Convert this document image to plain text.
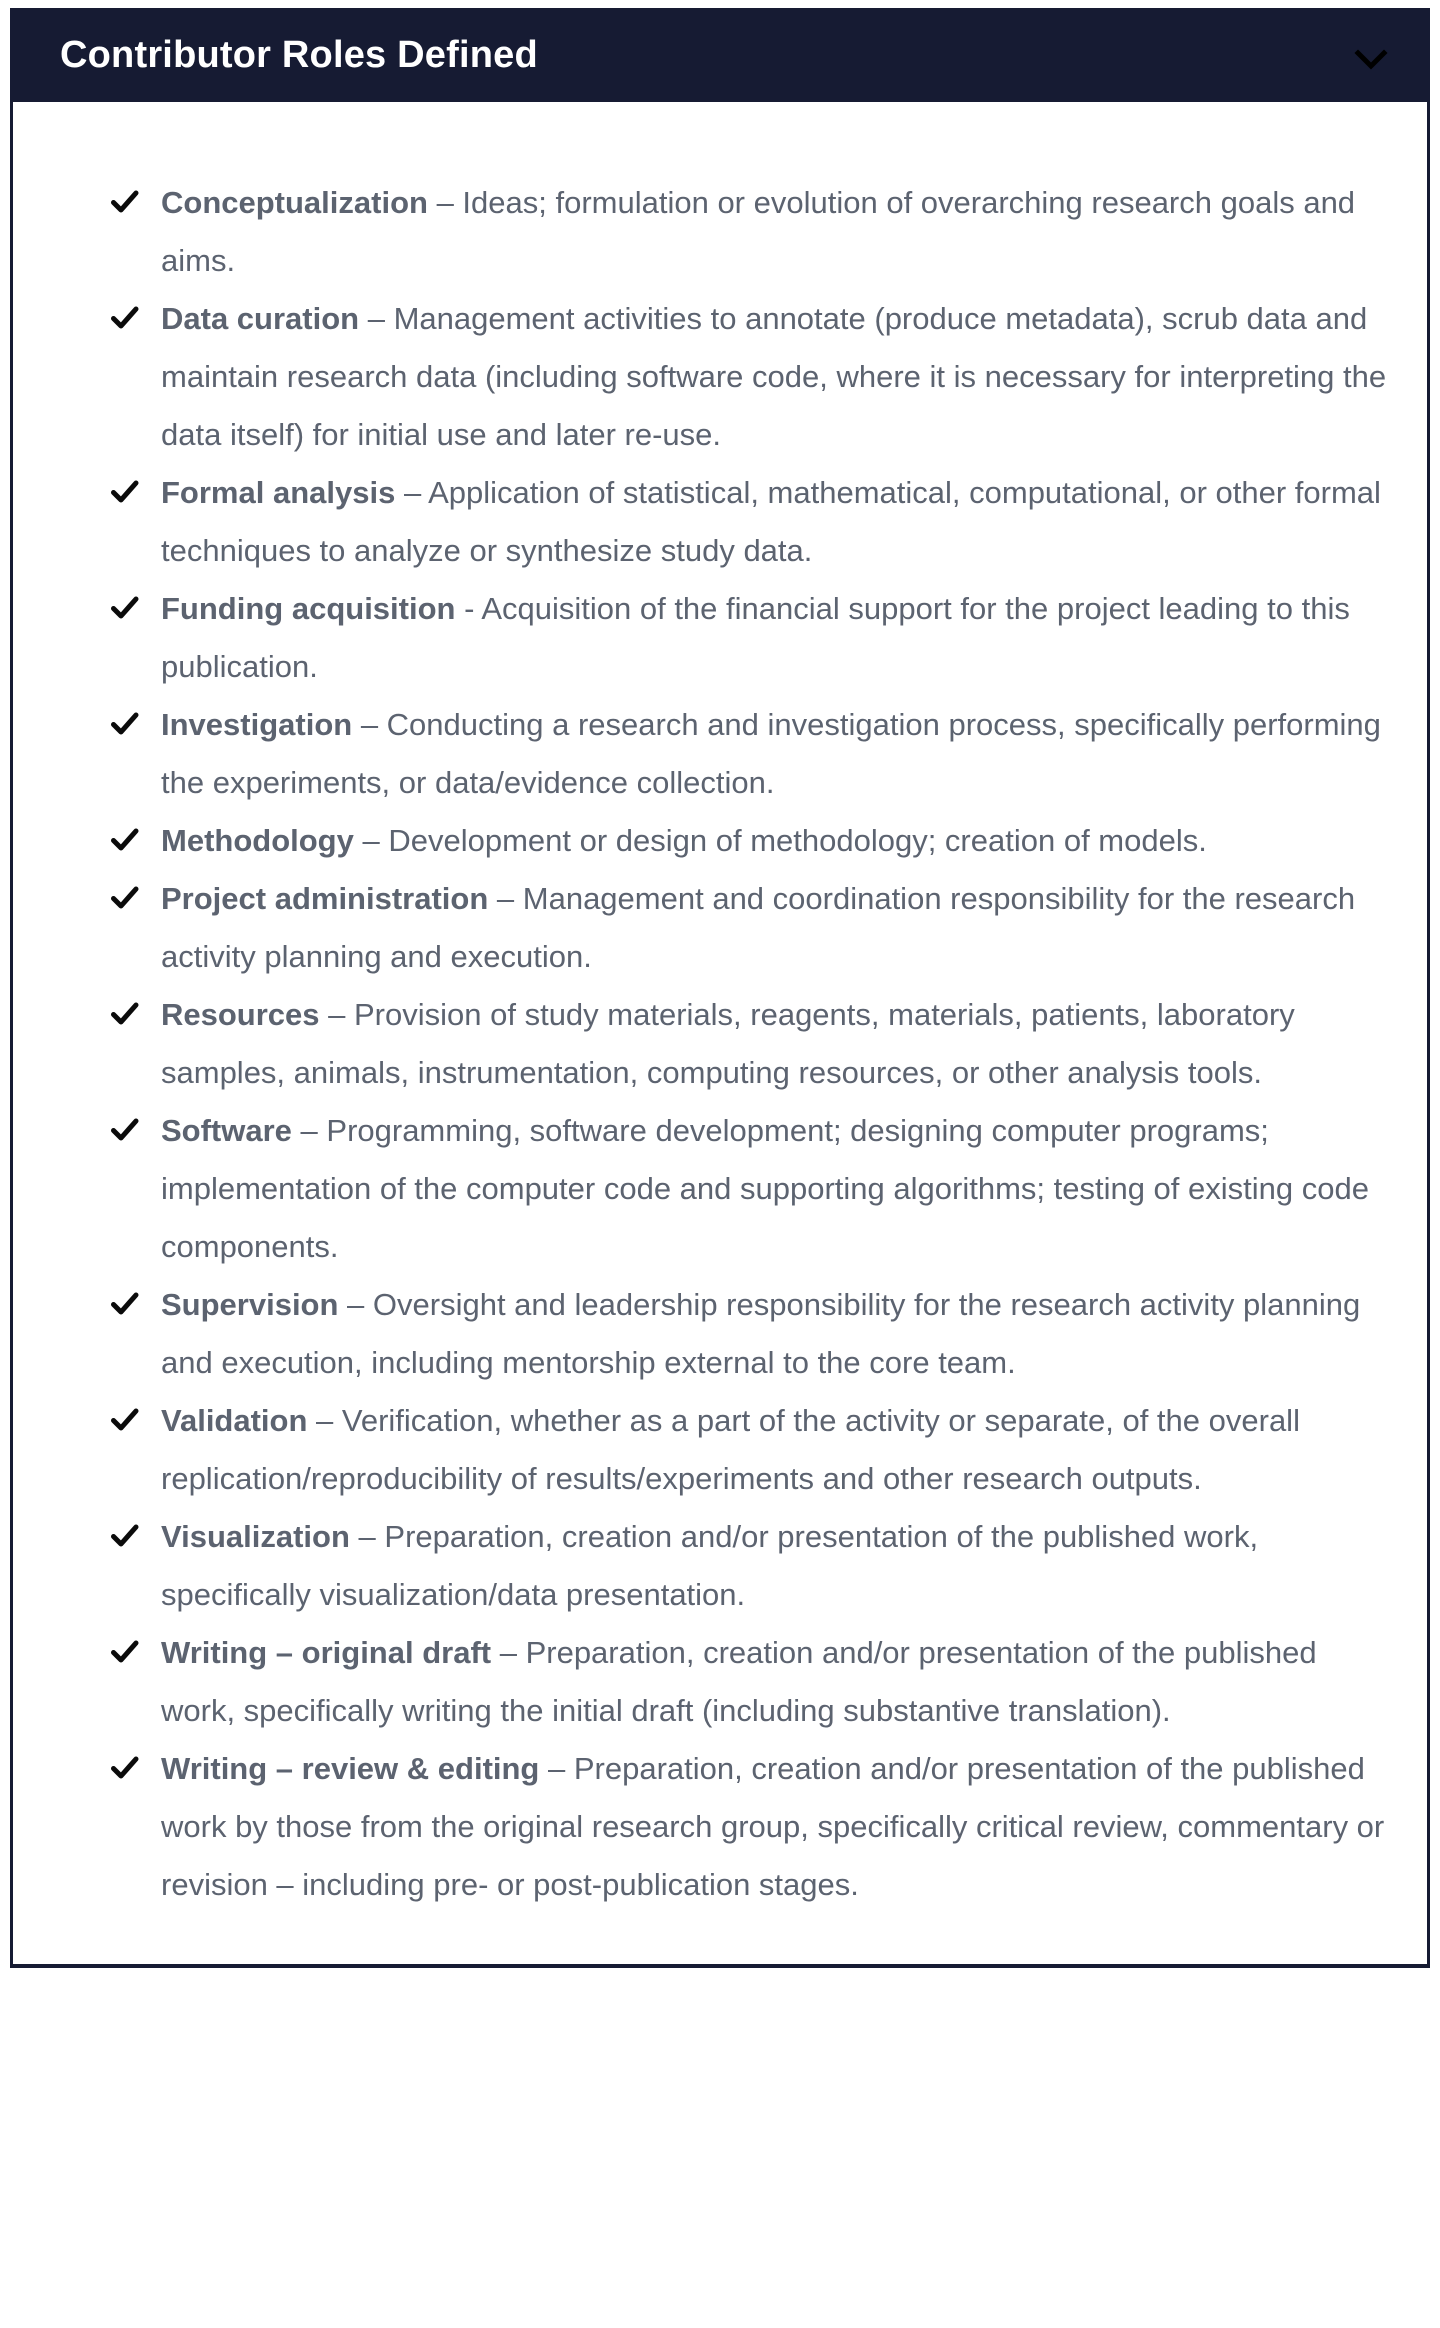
Contributor Roles Defined
Conceptualization – Ideas; formulation or evolution of overarching research goals and aims.
Data curation – Management activities to annotate (produce metadata), scrub data and maintain research data (including software code, where it is necessary for interpreting the data itself) for initial use and later re-use.
Formal analysis – Application of statistical, mathematical, computational, or other formal techniques to analyze or synthesize study data.
Funding acquisition - Acquisition of the financial support for the project leading to this publication.
Investigation – Conducting a research and investigation process, specifically performing the experiments, or data/evidence collection.
Methodology – Development or design of methodology; creation of models.
Project administration – Management and coordination responsibility for the research activity planning and execution.
Resources – Provision of study materials, reagents, materials, patients, laboratory samples, animals, instrumentation, computing resources, or other analysis tools.
Software – Programming, software development; designing computer programs; implementation of the computer code and supporting algorithms; testing of existing code components.
Supervision – Oversight and leadership responsibility for the research activity planning and execution, including mentorship external to the core team.
Validation – Verification, whether as a part of the activity or separate, of the overall replication/reproducibility of results/experiments and other research outputs.
Visualization – Preparation, creation and/or presentation of the published work, specifically visualization/data presentation.
Writing – original draft – Preparation, creation and/or presentation of the published work, specifically writing the initial draft (including substantive translation).
Writing – review & editing – Preparation, creation and/or presentation of the published work by those from the original research group, specifically critical review, commentary or revision – including pre- or post-publication stages.
